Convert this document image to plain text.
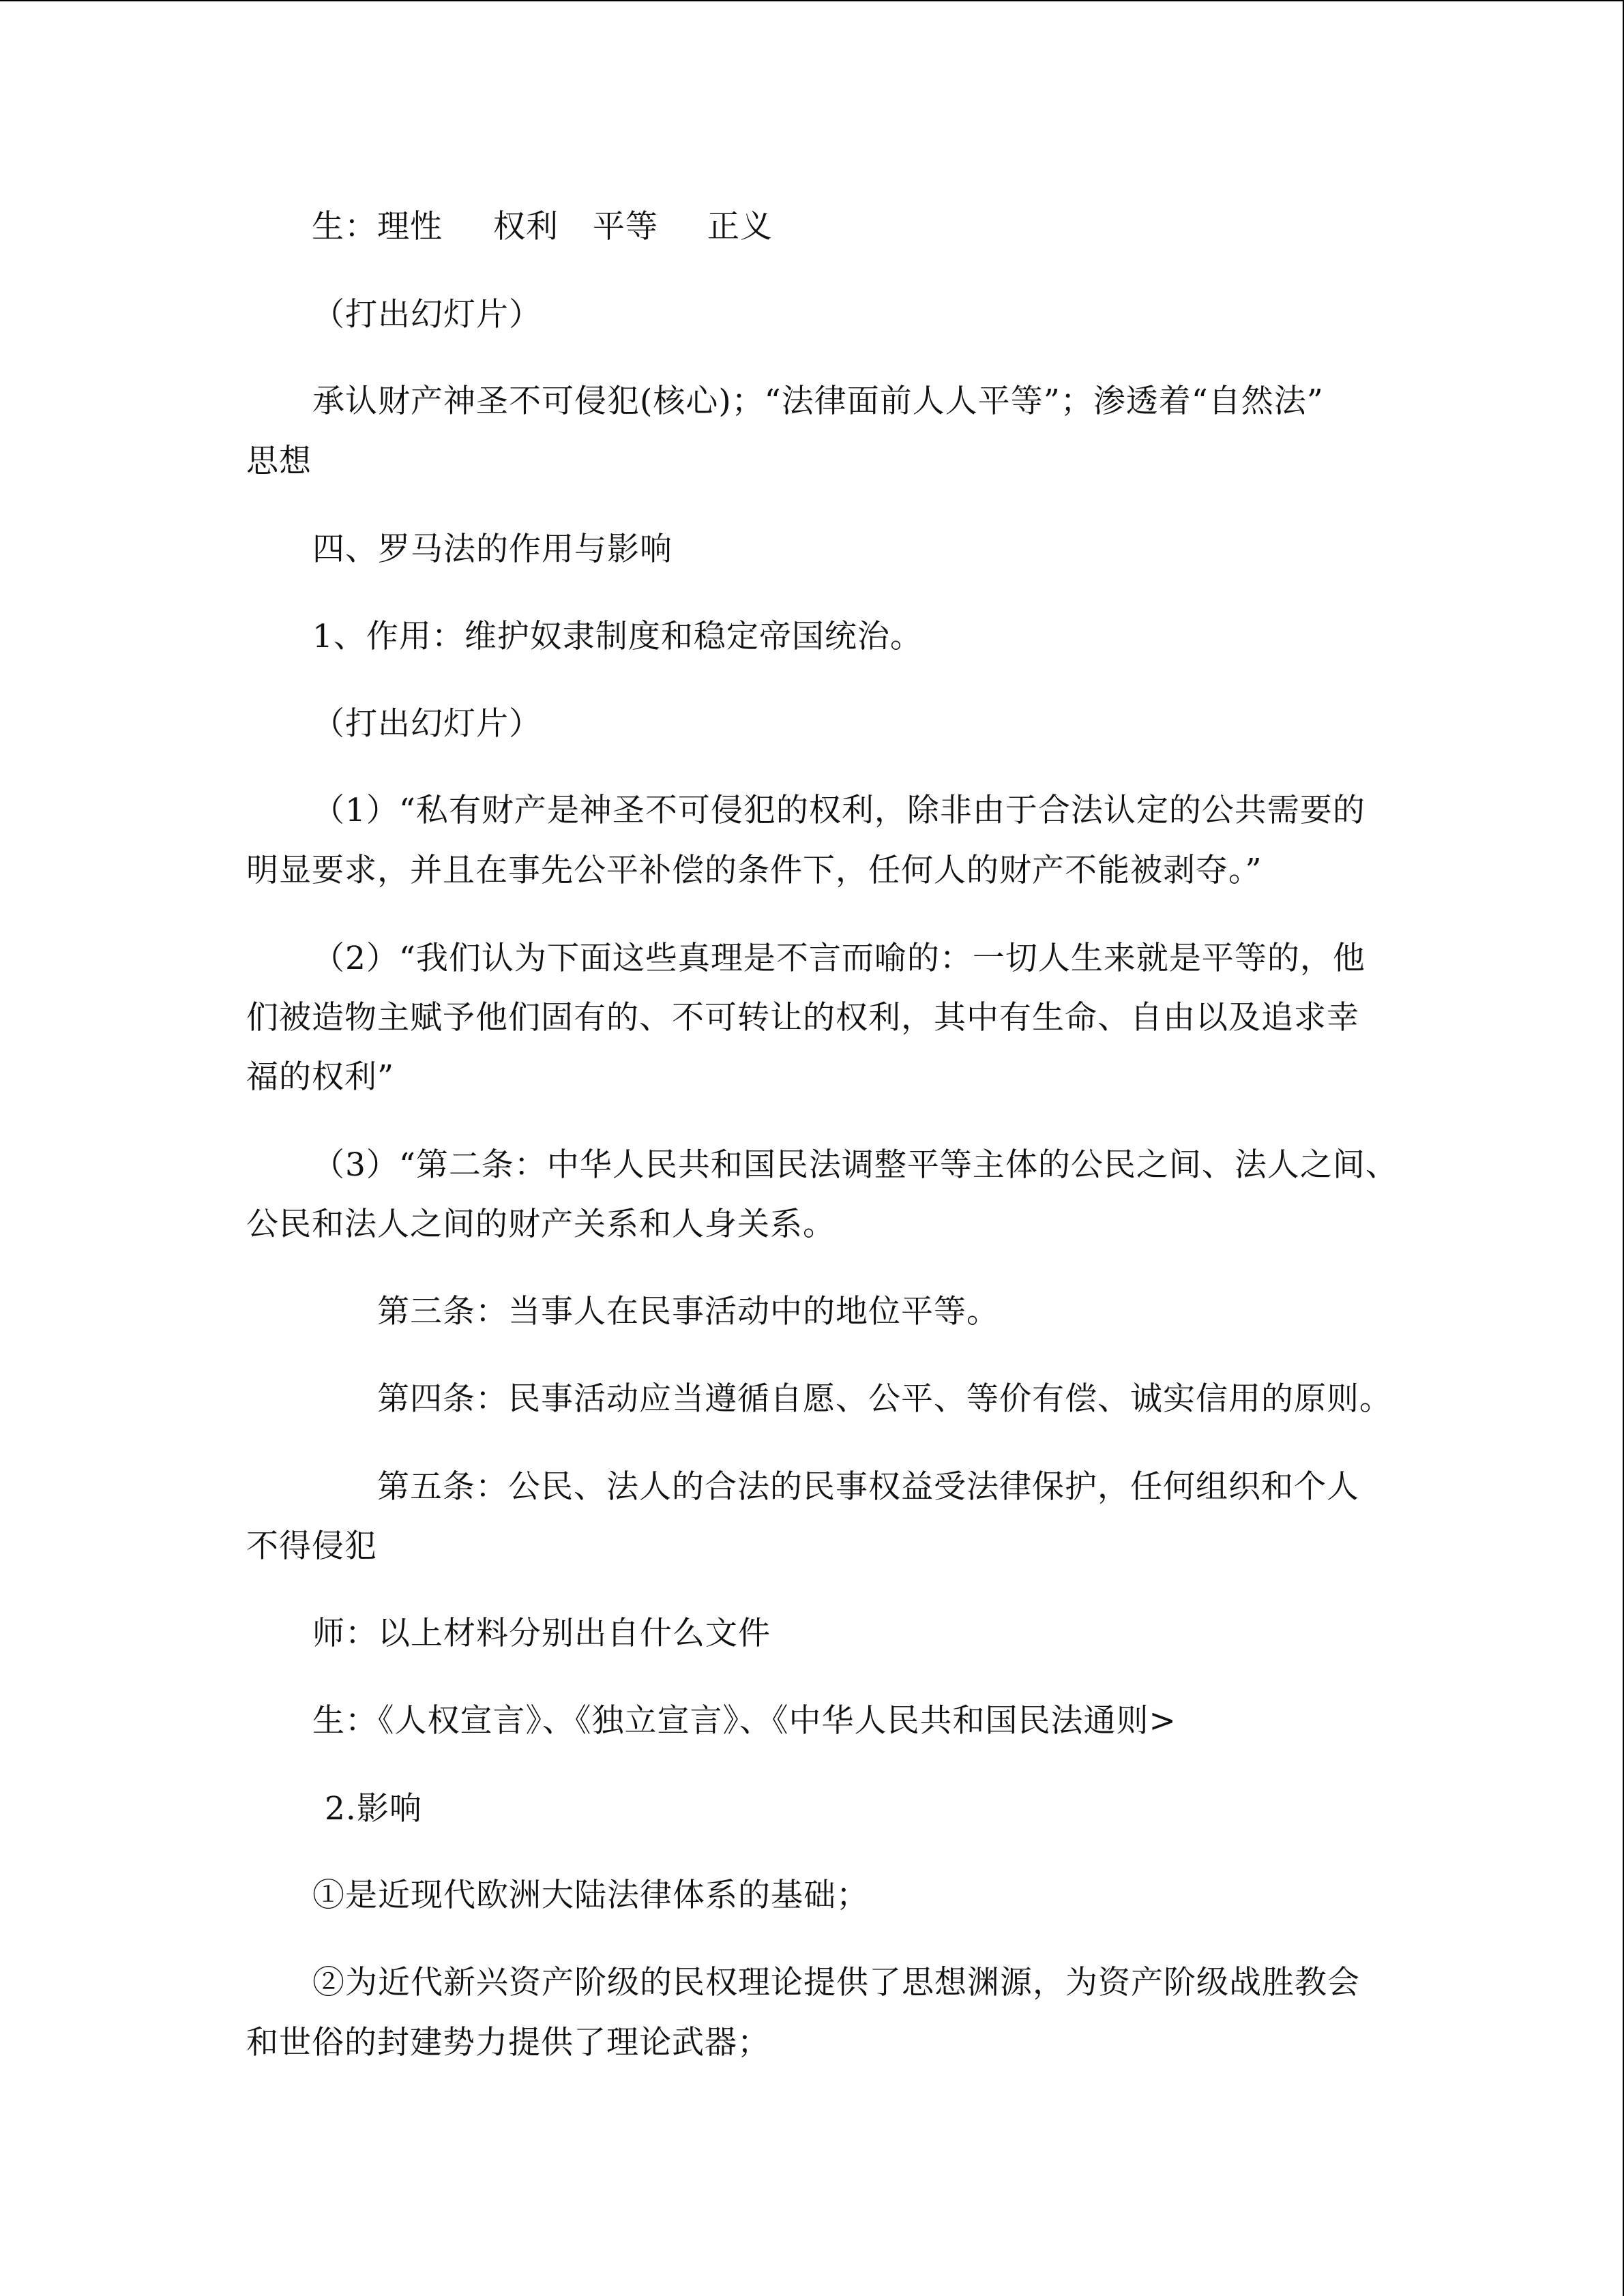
生：理性 权利 平等 正义
（打出幻灯片）
承认财产神圣不可侵犯(核心)；“法律面前人人平等”；渗透着“自然法”
思想
四、罗马法的作用与影响
1、作用：维护奴隶制度和稳定帝国统治。
（打出幻灯片）
（1）“私有财产是神圣不可侵犯的权利，除非由于合法认定的公共需要的
明显要求，并且在事先公平补偿的条件下，任何人的财产不能被剥夺。”
（2）“我们认为下面这些真理是不言而喻的：一切人生来就是平等的，他
们被造物主赋予他们固有的、不可转让的权利，其中有生命、自由以及追求幸
福的权利”
（3）“第二条：中华人民共和国民法调整平等主体的公民之间、法人之间、
公民和法人之间的财产关系和人身关系。
第三条：当事人在民事活动中的地位平等。
第四条：民事活动应当遵循自愿、公平、等价有偿、诚实信用的原则。
第五条：公民、法人的合法的民事权益受法律保护，任何组织和个人
不得侵犯
师：以上材料分别出自什么文件
生：《人权宣言》、《独立宣言》、《中华人民共和国民法通则>
2.影响
①是近现代欧洲大陆法律体系的基础；
②为近代新兴资产阶级的民权理论提供了思想渊源，为资产阶级战胜教会
和世俗的封建势力提供了理论武器；
